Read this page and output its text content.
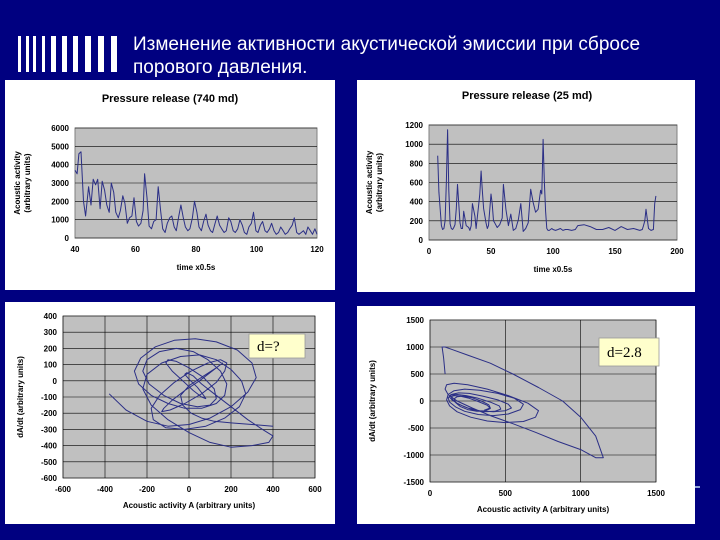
Изменение активности акустической эмиссии при сбросе порового давления.
0
1000
2000
3000
4000
5000
6000
40	60	80	100	120
Pressure release (740 md)
time x0.5s
Acoustic activity (arbitrary units)
0
200
400
600
800
1000
1200
0	50	100	150	200
Pressure release (25 md)
time x0.5s
Acoustic activity (arbitrary units)
-600
-500
-400
-300
-200
-100
0
100
200
300
400
-600	-400	-200	0	200	400	600
Acoustic activity A (arbitrary units)
dA/dt (arbitrary units)
d=?
-1500
-1000
-500
0
500
1000
1500
0	500	1000	1500
Acoustic activity A (arbitrary units)
dA/dt (arbitrary units)
d=2.8
